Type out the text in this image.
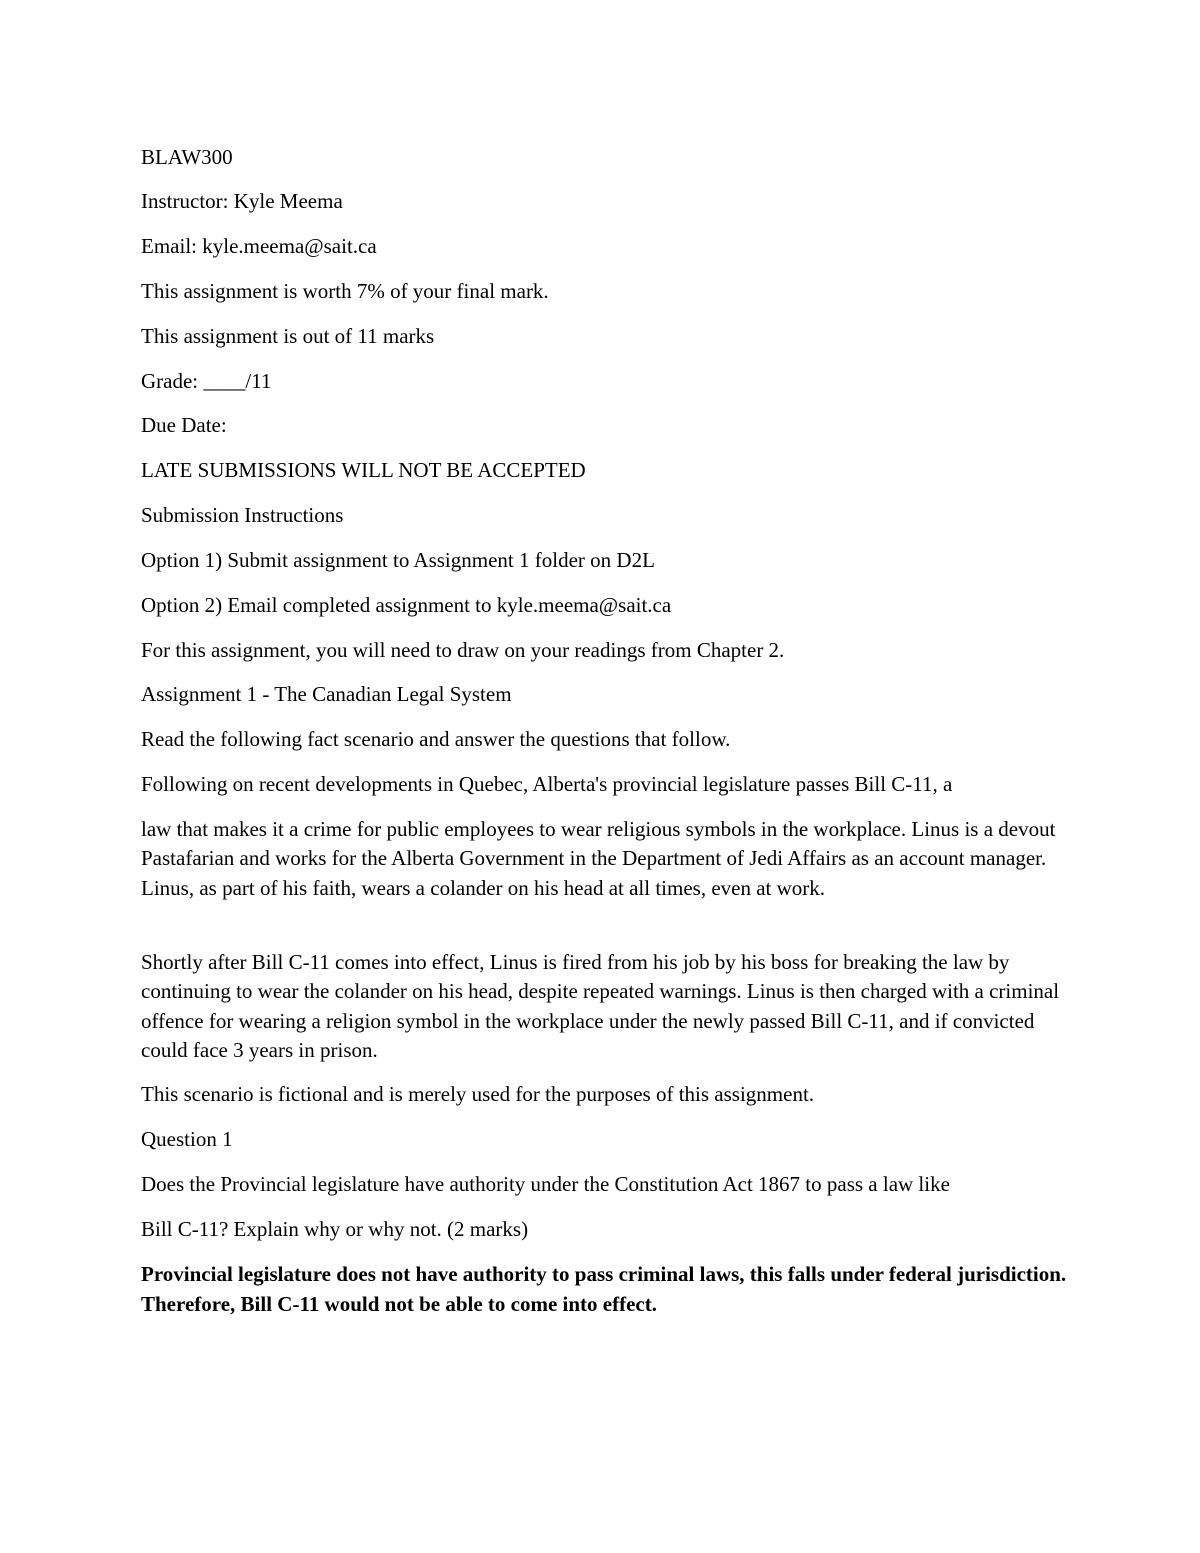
BLAW300

Instructor: Kyle Meema

Email: kyle.meema@sait.ca

This assignment is worth 7% of your final mark.

This assignment is out of 11 marks

Grade: ____/11

Due Date:

LATE SUBMISSIONS WILL NOT BE ACCEPTED

Submission Instructions

Option 1) Submit assignment to Assignment 1 folder on D2L

Option 2) Email completed assignment to kyle.meema@sait.ca

For this assignment, you will need to draw on your readings from Chapter 2.

Assignment 1 - The Canadian Legal System

Read the following fact scenario and answer the questions that follow.

Following on recent developments in Quebec, Alberta's provincial legislature passes Bill C-11, a

law that makes it a crime for public employees to wear religious symbols in the workplace. Linus is a devout Pastafarian and works for the Alberta Government in the Department of Jedi Affairs as an account manager. Linus, as part of his faith, wears a colander on his head at all times, even at work.

Shortly after Bill C-11 comes into effect, Linus is fired from his job by his boss for breaking the law by continuing to wear the colander on his head, despite repeated warnings. Linus is then charged with a criminal offence for wearing a religion symbol in the workplace under the newly passed Bill C-11, and if convicted could face 3 years in prison.

This scenario is fictional and is merely used for the purposes of this assignment.

Question 1

Does the Provincial legislature have authority under the Constitution Act 1867 to pass a law like

Bill C-11? Explain why or why not. (2 marks)

Provincial legislature does not have authority to pass criminal laws, this falls under federal jurisdiction. Therefore, Bill C-11 would not be able to come into effect.
